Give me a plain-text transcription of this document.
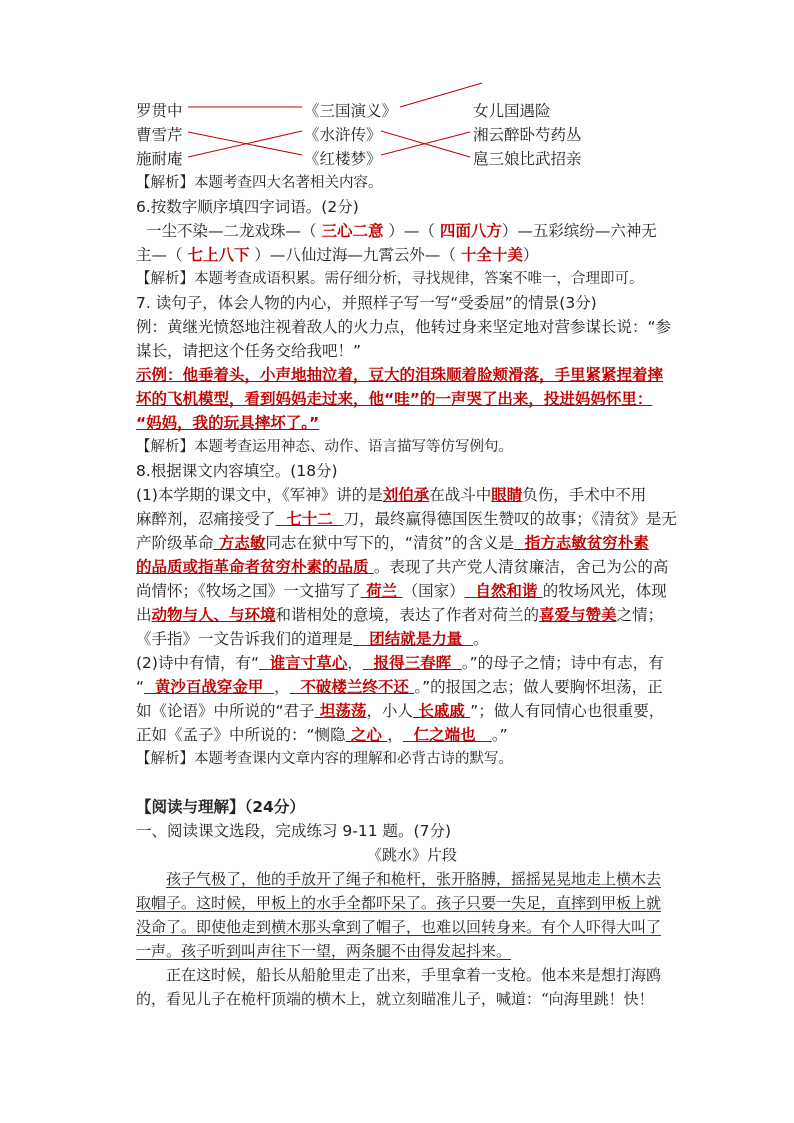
罗贯中
曹雪芹
施耐庵
《三国演义》
《水浒传》
《红楼梦》
女儿国遇险
湘云醉卧芍药丛
扈三娘比武招亲
【解析】本题考查四大名著相关内容。
6.按数字顺序填四字词语。(2分)
一尘不染—二龙戏珠—（ 三心二意 ）—（ 四面八方）—五彩缤纷—六神无
主—（ 七上八下 ）—八仙过海—九霄云外—（ 十全十美）
【解析】本题考查成语积累。需仔细分析，寻找规律，答案不唯一，合理即可。
7. 读句子，体会人物的内心，并照样子写一写“受委屈”的情景(3分)
例：黄继光愤怒地注视着敌人的火力点，他转过身来坚定地对营参谋长说：“参
谋长，请把这个任务交给我吧！”
示例：他垂着头，小声地抽泣着，豆大的泪珠顺着脸颊滑落，手里紧紧捏着摔
坏的飞机模型，看到妈妈走过来，他“哇”的一声哭了出来，投进妈妈怀里：
“妈妈，我的玩具摔坏了。”
【解析】本题考查运用神态、动作、语言描写等仿写例句。
8.根据课文内容填空。(18分)
(1)本学期的课文中，《军神》讲的是刘伯承在战斗中眼睛负伤，手术中不用
麻醉剂，忍痛接受了  七十二  刀，最终赢得德国医生赞叹的故事；《清贫》是无
产阶级革命 方志敏同志在狱中写下的，“清贫”的含义是  指方志敏贫穷朴素
的品质或指革命者贫穷朴素的品质 。表现了共产党人清贫廉洁，舍己为公的高
尚情怀；《牧场之国》一文描写了 荷兰 （国家）  自然和谐 的牧场风光，体现
出动物与人、与环境和谐相处的意境，表达了作者对荷兰的喜爱与赞美之情；
《手指》一文告诉我们的道理是   团结就是力量  。
(2)诗中有情，有“  谁言寸草心，  报得三春晖  。”的母子之情；诗中有志，有
“  黄沙百战穿金甲  ，  不破楼兰终不还 。”的报国之志；做人要胸怀坦荡，正
如《论语》中所说的“君子 坦荡荡，小人 长戚戚 ”；做人有同情心也很重要，
正如《孟子》中所说的：“恻隐 之心 ，  仁之端也   。”
【解析】本题考查课内文章内容的理解和必背古诗的默写。
【阅读与理解】（24分）
一、阅读课文选段，完成练习 9-11 题。(7分)
《跳水》片段
孩子气极了，他的手放开了绳子和桅杆，张开胳膊，摇摇晃晃地走上横木去
取帽子。这时候，甲板上的水手全都吓呆了。孩子只要一失足，直摔到甲板上就
没命了。即使他走到横木那头拿到了帽子，也难以回转身来。有个人吓得大叫了
一声。孩子听到叫声往下一望，两条腿不由得发起抖来。
正在这时候，船长从船舱里走了出来，手里拿着一支枪。他本来是想打海鸥
的，看见儿子在桅杆顶端的横木上，就立刻瞄准儿子，喊道：“向海里跳！快！
